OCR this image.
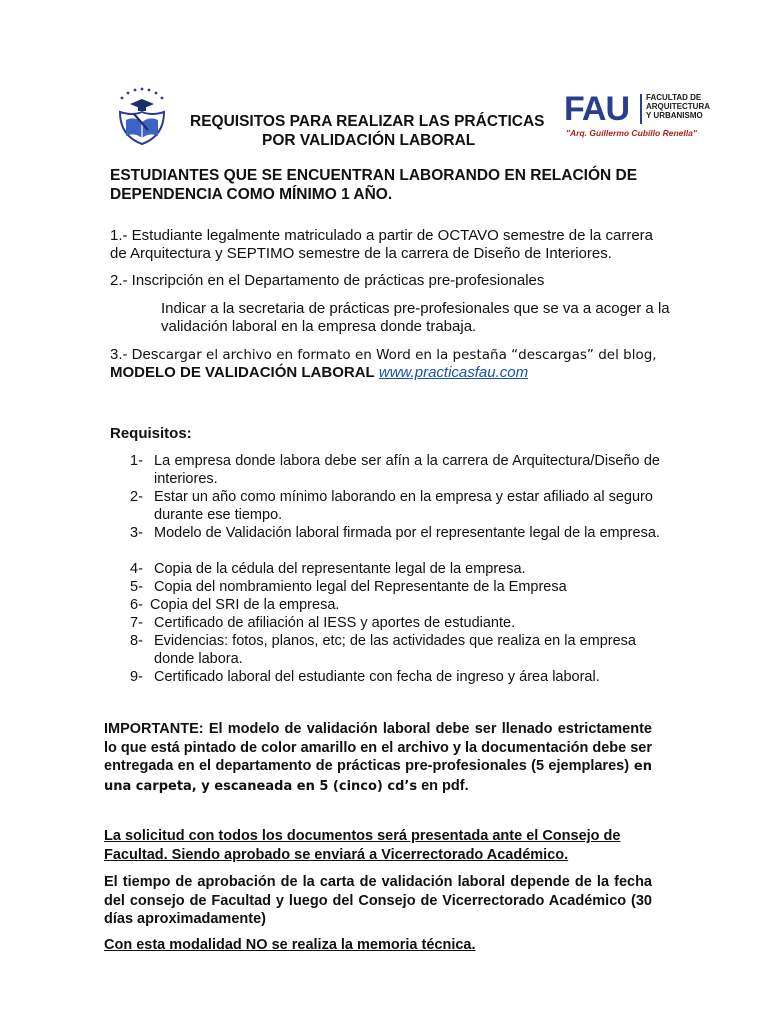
FAU FACULTAD DE ARQUITECTURA Y URBANISMO
"Arq. Guillermo Cubillo Renella"
REQUISITOS PARA REALIZAR LAS PRÁCTICAS
POR VALIDACIÓN LABORAL
ESTUDIANTES QUE SE ENCUENTRAN LABORANDO EN RELACIÓN DE DEPENDENCIA COMO MÍNIMO 1 AÑO.
1.- Estudiante legalmente matriculado a partir de OCTAVO semestre de la carrera de Arquitectura y SEPTIMO semestre de la carrera de Diseño de Interiores.
2.- Inscripción en el Departamento de prácticas pre-profesionales
Indicar a la secretaria de prácticas pre-profesionales que se va a acoger a la validación laboral en la empresa donde trabaja.
3.- Descargar el archivo en formato en Word en la pestaña “descargas” del blog,
MODELO DE VALIDACIÓN LABORAL www.practicasfau.com
Requisitos:
1- La empresa donde labora debe ser afín a la carrera de Arquitectura/Diseño de interiores.
2- Estar un año como mínimo laborando en la empresa y estar afiliado al seguro durante ese tiempo.
3- Modelo de Validación laboral firmada por el representante legal de la empresa.
4- Copia de la cédula del representante legal de la empresa.
5- Copia del nombramiento legal del Representante de la Empresa
6- Copia del SRI de la empresa.
7- Certificado de afiliación al IESS y aportes de estudiante.
8- Evidencias: fotos, planos, etc; de las actividades que realiza en la empresa donde labora.
9- Certificado laboral del estudiante con fecha de ingreso y área laboral.
IMPORTANTE: El modelo de validación laboral debe ser llenado estrictamente lo que está pintado de color amarillo en el archivo y la documentación debe ser entregada en el departamento de prácticas pre-profesionales (5 ejemplares) en una carpeta, y escaneada en 5 (cinco) cd’s en pdf.
La solicitud con todos los documentos será presentada ante el Consejo de Facultad. Siendo aprobado se enviará a Vicerrectorado Académico.
El tiempo de aprobación de la carta de validación laboral depende de la fecha del consejo de Facultad y luego del Consejo de Vicerrectorado Académico (30 días aproximadamente)
Con esta modalidad NO se realiza la memoria técnica.
